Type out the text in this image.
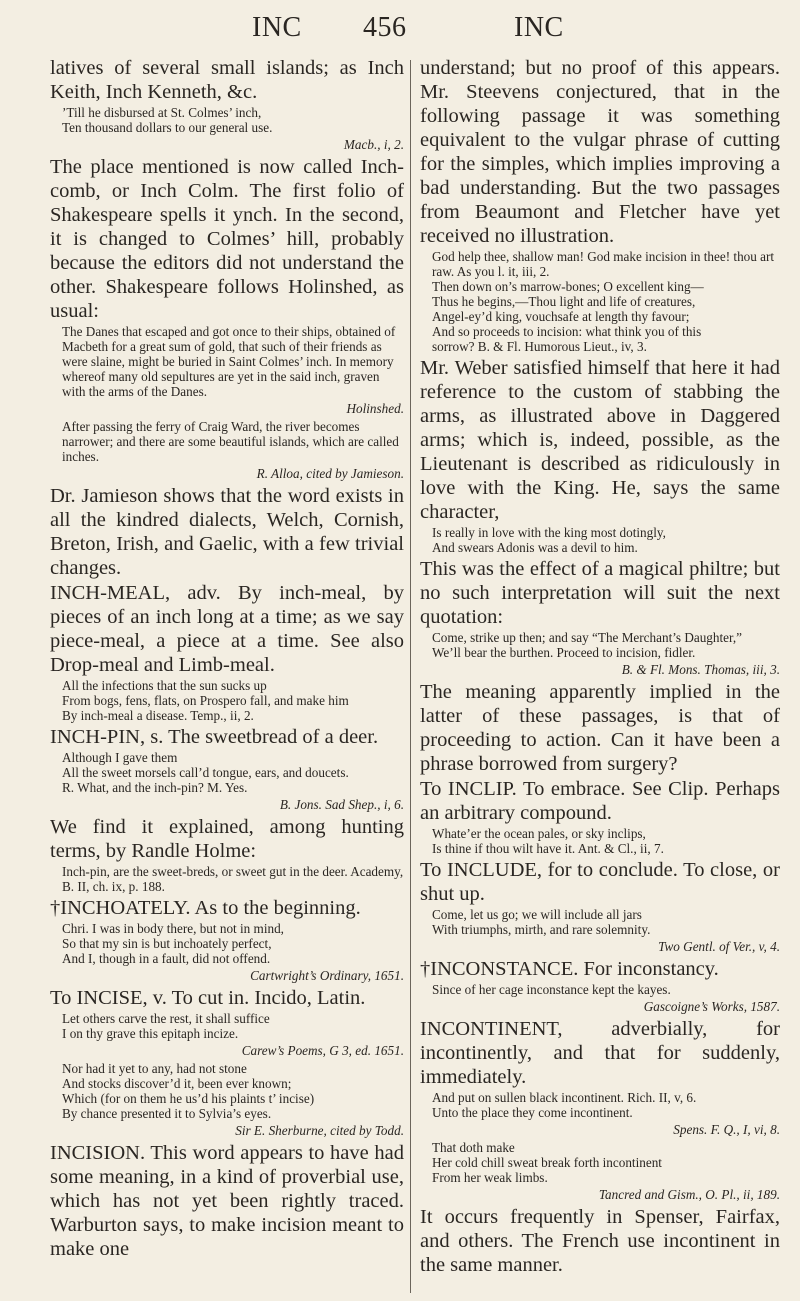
INC 456	INC

latives of several small islands; as Inch Keith, Inch Kenneth, &c.

’Till he disbursed at St. Colmes’ inch,
Ten thousand dollars to our general use.
Macb., i, 2.

The place mentioned is now called Inch-comb, or Inch Colm. The first folio of Shakespeare spells it ynch. In the second, it is changed to Colmes’ hill, probably because the editors did not understand the other. Shakespeare follows Holinshed, as usual:

The Danes that escaped and got once to their ships, obtained of Macbeth for a great sum of gold, that such of their friends as were slaine, might be buried in Saint Colmes’ inch. In memory whereof many old sepultures are yet in the said inch, graven with the arms of the Danes.
Holinshed.
After passing the ferry of Craig Ward, the river becomes narrower; and there are some beautiful islands, which are called inches.
R. Alloa, cited by Jamieson.

Dr. Jamieson shows that the word exists in all the kindred dialects, Welch, Cornish, Breton, Irish, and Gaelic, with a few trivial changes.

INCH-MEAL, adv. By inch-meal, by pieces of an inch long at a time; as we say piece-meal, a piece at a time. See also Drop-meal and Limb-meal.

All the infections that the sun sucks up
From bogs, fens, flats, on Prospero fall, and make him
By inch-meal a disease. Temp., ii, 2.

INCH-PIN, s. The sweetbread of a deer.

Although I gave them
All the sweet morsels call’d tongue, ears, and doucets.
R. What, and the inch-pin? M. Yes.
B. Jons. Sad Shep., i, 6.

We find it explained, among hunting terms, by Randle Holme:

Inch-pin, are the sweet-breds, or sweet gut in the deer. Academy, B. II, ch. ix, p. 188.

†INCHOATELY. As to the beginning.

Chri. I was in body there, but not in mind,
So that my sin is but inchoately perfect,
And I, though in a fault, did not offend.
Cartwright’s Ordinary, 1651.

To INCISE, v. To cut in. Incido, Latin.

Let others carve the rest, it shall suffice
I on thy grave this epitaph incize.
Carew’s Poems, G 3, ed. 1651.
Nor had it yet to any, had not stone
And stocks discover’d it, been ever known;
Which (for on them he us’d his plaints t’ incise)
By chance presented it to Sylvia’s eyes.
Sir E. Sherburne, cited by Todd.

INCISION. This word appears to have had some meaning, in a kind of proverbial use, which has not yet been rightly traced. Warburton says, to make incision meant to make one

understand; but no proof of this appears. Mr. Steevens conjectured, that in the following passage it was something equivalent to the vulgar phrase of cutting for the simples, which implies improving a bad understanding. But the two passages from Beaumont and Fletcher have yet received no illustration.

God help thee, shallow man! God make incision in thee! thou art raw. As you l. it, iii, 2.
Then down on’s marrow-bones; O excellent king—
Thus he begins,—Thou light and life of creatures,
Angel-ey’d king, vouchsafe at length thy favour;
And so proceeds to incision: what think you of this
sorrow? B. & Fl. Humorous Lieut., iv, 3.

Mr. Weber satisfied himself that here it had reference to the custom of stabbing the arms, as illustrated above in Daggered arms; which is, indeed, possible, as the Lieutenant is described as ridiculously in love with the King. He, says the same character,

Is really in love with the king most dotingly,
And swears Adonis was a devil to him.

This was the effect of a magical philtre; but no such interpretation will suit the next quotation:

Come, strike up then; and say “The Merchant’s Daughter,”
We’ll bear the burthen. Proceed to incision, fidler.
B. & Fl. Mons. Thomas, iii, 3.

The meaning apparently implied in the latter of these passages, is that of proceeding to action. Can it have been a phrase borrowed from surgery?

To INCLIP. To embrace. See Clip. Perhaps an arbitrary compound.

Whate’er the ocean pales, or sky inclips,
Is thine if thou wilt have it. Ant. & Cl., ii, 7.

To INCLUDE, for to conclude. To close, or shut up.

Come, let us go; we will include all jars
With triumphs, mirth, and rare solemnity.
Two Gentl. of Ver., v, 4.

†INCONSTANCE. For inconstancy.

Since of her cage inconstance kept the kayes.
Gascoigne’s Works, 1587.

INCONTINENT, adverbially, for incontinently, and that for suddenly, immediately.

And put on sullen black incontinent. Rich. II, v, 6.
Unto the place they come incontinent.
Spens. F. Q., I, vi, 8.
That doth make
Her cold chill sweat break forth incontinent
From her weak limbs.
Tancred and Gism., O. Pl., ii, 189.

It occurs frequently in Spenser, Fairfax, and others. The French use incontinent in the same manner.
